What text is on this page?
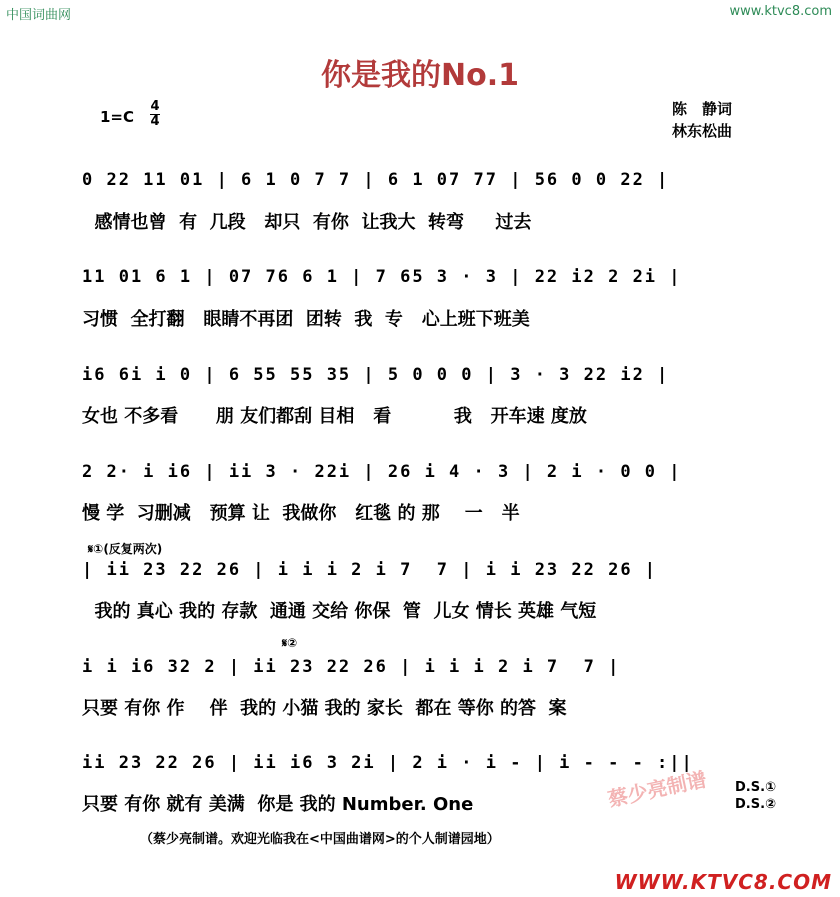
中国词曲网	www.ktvc8.com
你是我的No.1
1=C
4
4
陈　静词
林东松曲
0 22 11 01 | 6 1 0 7 7 | 6 1 07 77 | 56 0 0 22 |
感情也曾  有  几段   却只  有你  让我大  转弯     过去
11 01 6 1 | 07 76 6 1 | 7 65 3 · 3 | 22 i2 2 2i |
习惯  全打翻   眼睛不再团  团转  我  专   心上班下班美
i6 6i i 0 | 6 55 55 35 | 5 0 0 0 | 3 · 3 22 i2 |
女也 不多看      朋 友们都刮 目相   看          我   开车速 度放
2 2· i i6 | ii 3 · 22i | 26 i 4 · 3 | 2 i · 0 0 |
慢 学  习删减   预算 让  我做你   红毯 的 那    一   半
𝄋①(反复两次)
| ii 23 22 26 | i i i 2 i 7  7 | i i 23 22 26 |
我的 真心 我的 存款  通通 交给 你保  管  儿女 情长 英雄 气短
𝄋②
i i i6 32 2 | ii 23 22 26 | i i i 2 i 7  7 |
只要 有你 作    伴  我的 小猫 我的 家长  都在 等你 的答  案
ii 23 22 26 | ii i6 3 2i | 2 i · i - | i - - - :||
只要 有你 就有 美满  你是 我的 Number. One
D.S.①
D.S.②
蔡少亮制谱
（蔡少亮制谱。欢迎光临我在<中国曲谱网>的个人制谱园地）
WWW.KTVC8.COM
